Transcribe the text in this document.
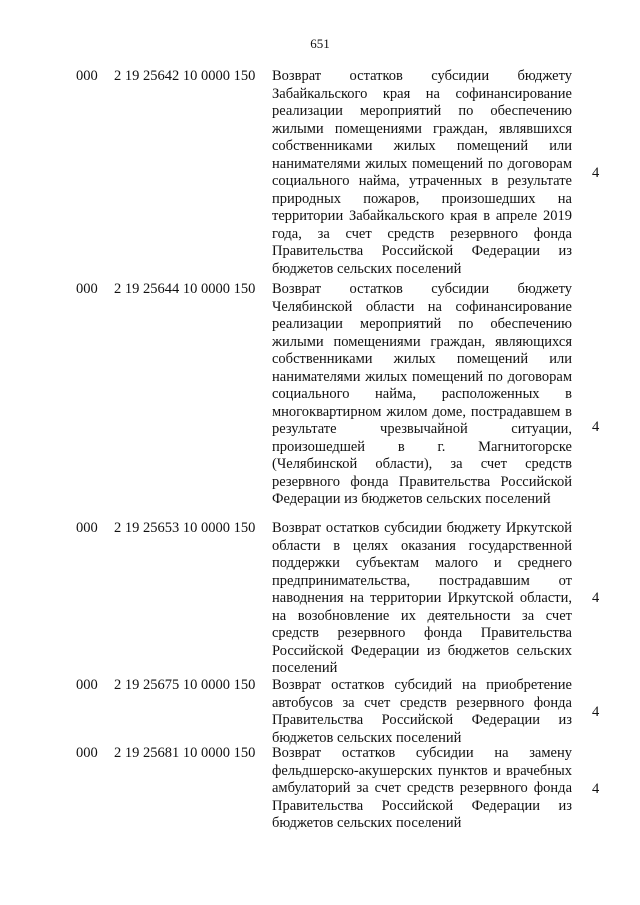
651
000 2 19 25642 10 0000 150 Возврат остатков субсидии бюджету Забайкальского края на софинансирование реализации мероприятий по обеспечению жилыми помещениями граждан, являвшихся собственниками жилых помещений или нанимателями жилых помещений по договорам социального найма, утраченных в результате природных пожаров, произошедших на территории Забайкальского края в апреле 2019 года, за счет средств резервного фонда Правительства Российской Федерации из бюджетов сельских поселений
4
000 2 19 25644 10 0000 150 Возврат остатков субсидии бюджету Челябинской области на софинансирование реализации мероприятий по обеспечению жилыми помещениями граждан, являющихся собственниками жилых помещений или нанимателями жилых помещений по договорам социального найма, расположенных в многоквартирном жилом доме, пострадавшем в результате чрезвычайной ситуации, произошедшей в г. Магнитогорске (Челябинской области), за счет средств резервного фонда Правительства Российской Федерации из бюджетов сельских поселений
4
000 2 19 25653 10 0000 150 Возврат остатков субсидии бюджету Иркутской области в целях оказания государственной поддержки субъектам малого и среднего предпринимательства, пострадавшим от наводнения на территории Иркутской области, на возобновление их деятельности за счет средств резервного фонда Правительства Российской Федерации из бюджетов сельских поселений
4
000 2 19 25675 10 0000 150 Возврат остатков субсидий на приобретение автобусов за счет средств резервного фонда Правительства Российской Федерации из бюджетов сельских поселений
4
000 2 19 25681 10 0000 150 Возврат остатков субсидии на замену фельдшерско-акушерских пунктов и врачебных амбулаторий за счет средств резервного фонда Правительства Российской Федерации из бюджетов сельских поселений
4
